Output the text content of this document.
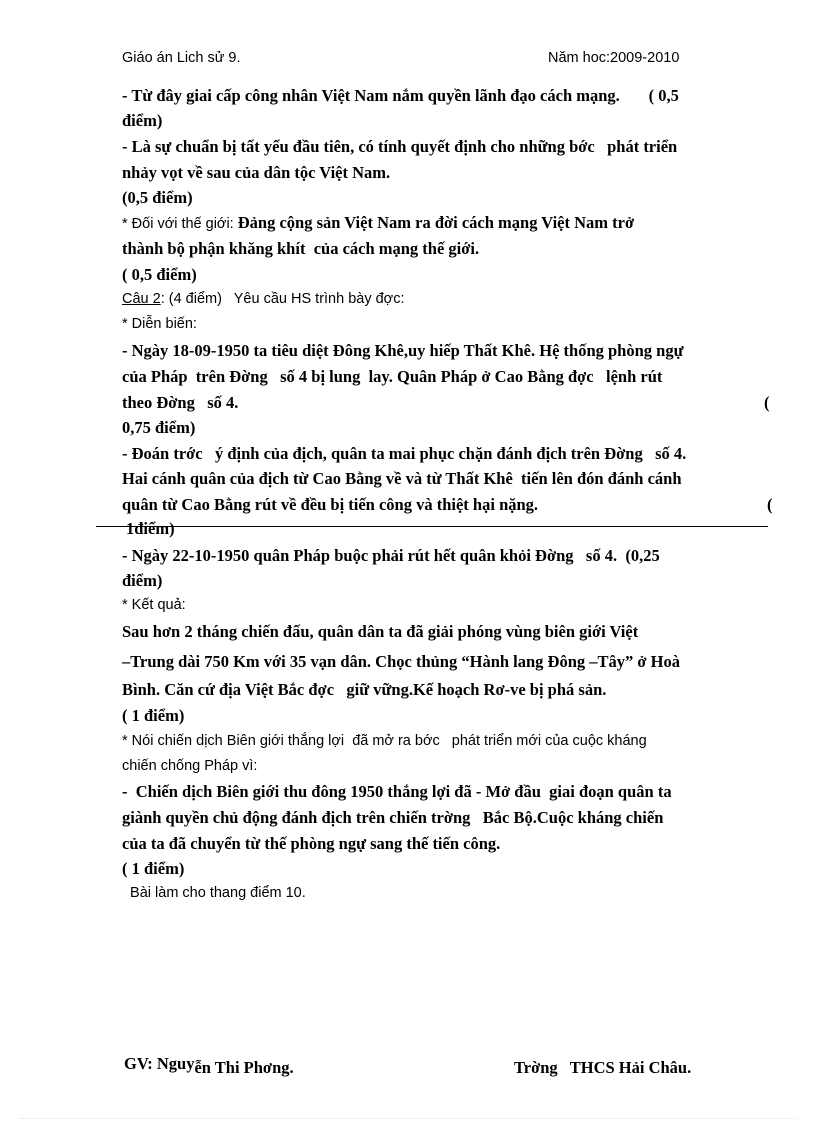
Giáo án Lich sử 9.	Năm hoc:2009-2010
- Từ đây giai cấp công nhân Việt Nam nắm quyền lãnh đạo cách mạng.       ( 0,5
điểm)
- Là sự chuẩn bị tất yếu đầu tiên, có tính quyết định cho những bớc   phát triển
nhảy vọt về sau của dân tộc Việt Nam.
(0,5 điểm)
* Đối với thế giới: Đảng cộng sản Việt Nam ra đời cách mạng Việt Nam trở
thành bộ phận khăng khít  của cách mạng thế giới.
( 0,5 điểm)
Câu 2: (4 điểm)   Yêu cầu HS trình bày đợc:
* Diễn biến:
- Ngày 18-09-1950 ta tiêu diệt Đông Khê,uy hiếp Thất Khê. Hệ thống phòng ngự
của Pháp  trên Đờng   số 4 bị lung  lay. Quân Pháp ở Cao Bằng đợc   lệnh rút
theo Đờng   số 4.	(
0,75 điểm)
- Đoán trớc   ý định của địch, quân ta mai phục chặn đánh địch trên Đờng   số 4.
Hai cánh quân của địch từ Cao Bằng về và từ Thất Khê  tiến lên đón đánh cánh
quân từ Cao Bằng rút về đều bị tiến công và thiệt hại nặng.	(
1điểm)
- Ngày 22-10-1950 quân Pháp buộc phải rút hết quân khỏi Đờng   số 4.  (0,25
điểm)
* Kết quả:
Sau hơn 2 tháng chiến đấu, quân dân ta đã giải phóng vùng biên giới Việt
–Trung dài 750 Km với 35 vạn dân. Chọc thủng “Hành lang Đông –Tây” ở Hoà
Bình. Căn cứ địa Việt Bắc đợc   giữ vững.Kế hoạch Rơ-ve bị phá sản.
( 1 điểm)
* Nói chiến dịch Biên giới thắng lợi  đã mở ra bớc   phát triển mới của cuộc kháng
chiến chống Pháp vì:
-  Chiến dịch Biên giới thu đông 1950 thắng lợi đã - Mở đầu  giai đoạn quân ta
giành quyền chủ động đánh địch trên chiến trờng   Bắc Bộ.Cuộc kháng chiến
của ta đã chuyển từ thế phòng ngự sang thế tiến công.
( 1 điểm)
Bài làm cho thang điểm 10.
GV: Nguyễn Thi Phơng.	Trờng   THCS Hải Châu.
